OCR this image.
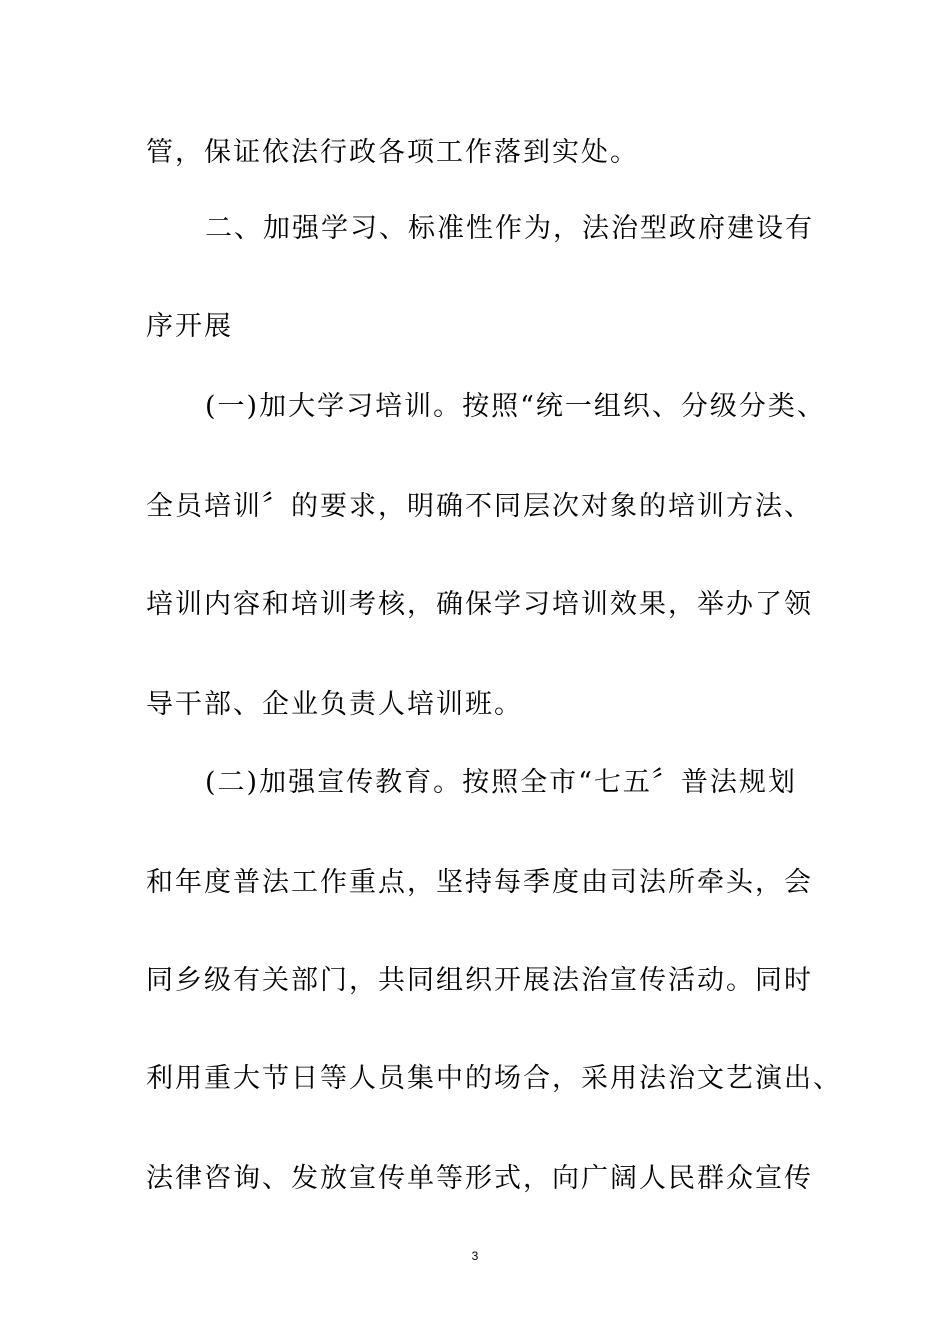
管，保证依法行政各项工作落到实处。
二、加强学习、标准性作为，法治型政府建设有
序开展
(一)加大学习培训。按照“统一组织、分级分类、
全员培训〞的要求，明确不同层次对象的培训方法、
培训内容和培训考核，确保学习培训效果，举办了领
导干部、企业负责人培训班。
(二)加强宣传教育。按照全市“七五〞普法规划
和年度普法工作重点，坚持每季度由司法所牵头，会
同乡级有关部门，共同组织开展法治宣传活动。同时
利用重大节日等人员集中的场合，采用法治文艺演出、
法律咨询、发放宣传单等形式，向广阔人民群众宣传
3
